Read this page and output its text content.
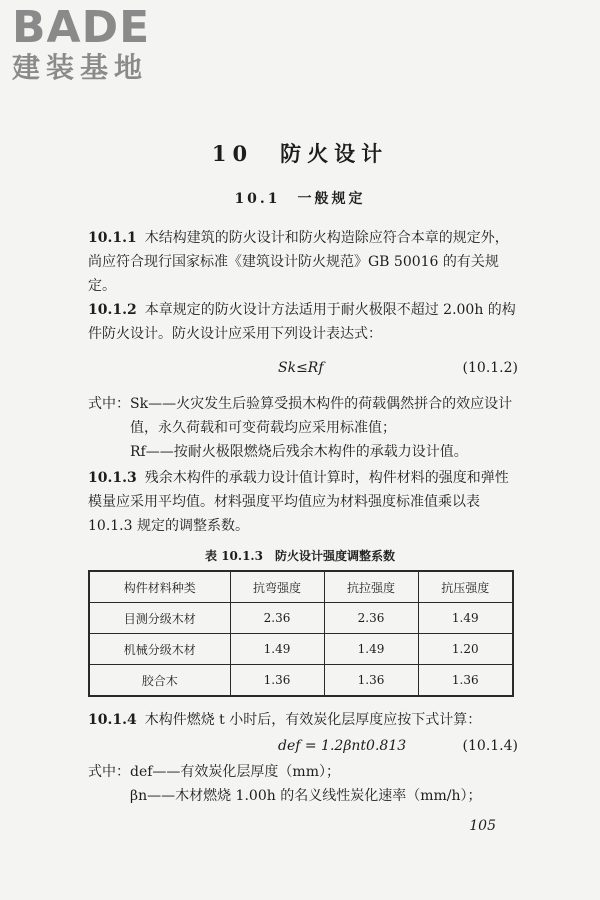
BADE
建装基地
10　防火设计
10.1　一般规定
10.1.1 木结构建筑的防火设计和防火构造除应符合本章的规定外，尚应符合现行国家标准《建筑设计防火规范》GB 50016 的有关规定。
10.1.2 本章规定的防火设计方法适用于耐火极限不超过 2.00h 的构件防火设计。防火设计应采用下列设计表达式：
Sk≤Rf	(10.1.2)
式中： Sk——火灾发生后验算受损木构件的荷载偶然拼合的效应设计值，永久荷载和可变荷载均应采用标准值；
Rf——按耐火极限燃烧后残余木构件的承载力设计值。
10.1.3 残余木构件的承载力设计值计算时，构件材料的强度和弹性模量应采用平均值。材料强度平均值应为材料强度标准值乘以表 10.1.3 规定的调整系数。
表 10.1.3　防火设计强度调整系数
构件材料种类	抗弯强度	抗拉强度	抗压强度
目测分级木材	2.36	2.36	1.49
机械分级木材	1.49	1.49	1.20
胶合木	1.36	1.36	1.36
10.1.4 木构件燃烧 t 小时后，有效炭化层厚度应按下式计算：
def = 1.2βnt0.813	(10.1.4)
式中： def——有效炭化层厚度（mm）；
βn——木材燃烧 1.00h 的名义线性炭化速率（mm/h）；
105
